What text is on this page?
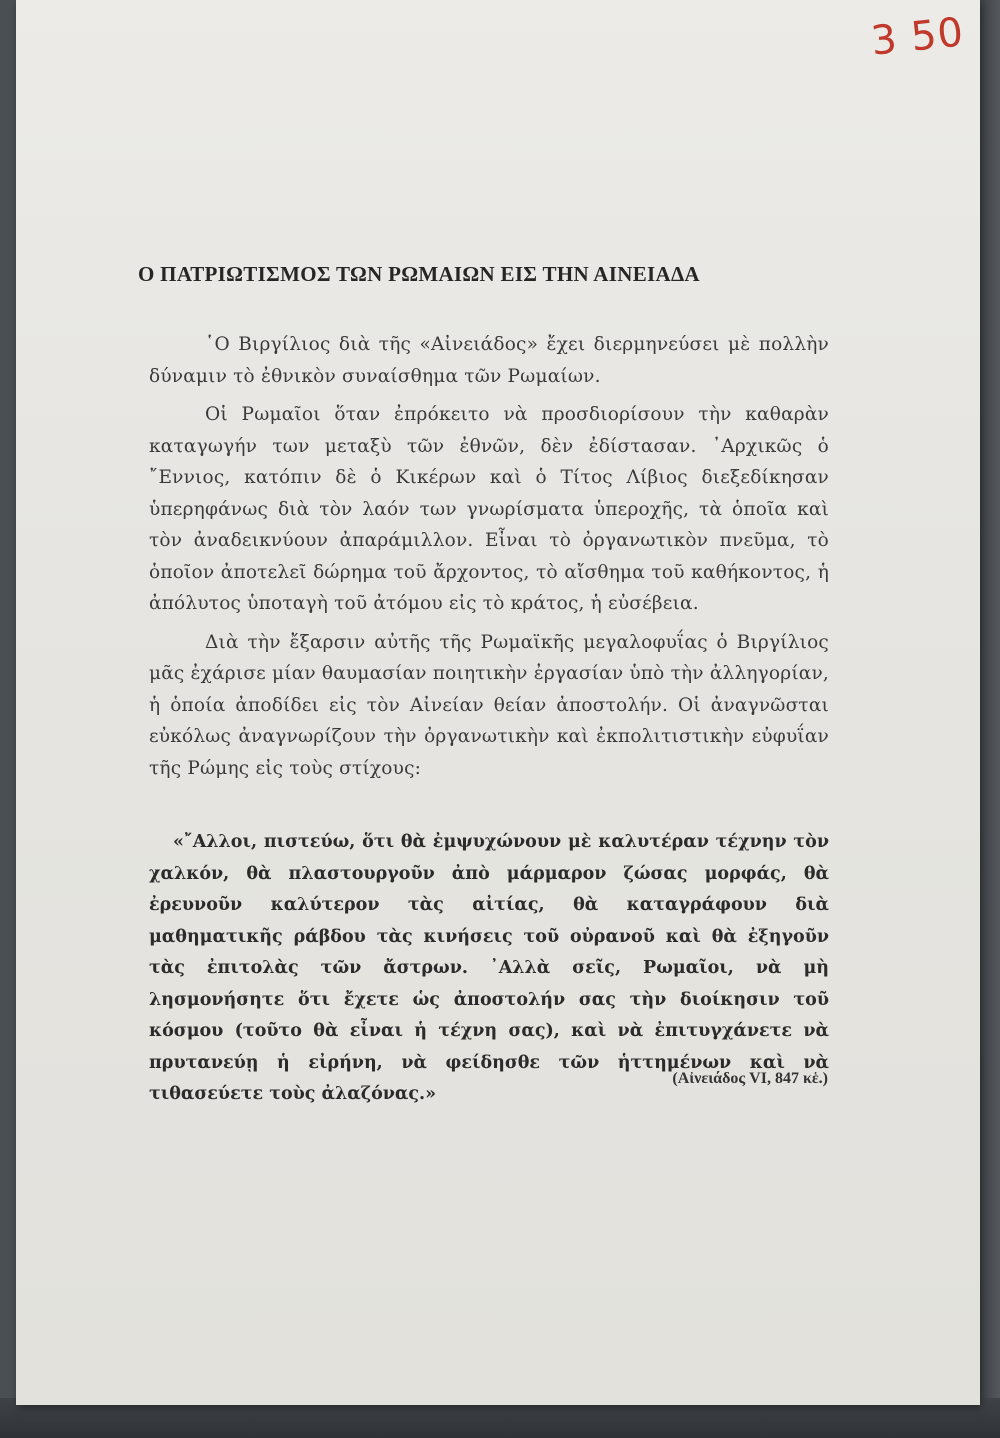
3 50
Ο ΠΑΤΡΙΩΤΙΣΜΟΣ ΤΩΝ ΡΩΜΑΙΩΝ ΕΙΣ ΤΗΝ ΑΙΝΕΙΑΔΑ

῾Ο Βιργίλιος διὰ τῆς «Αἰνειάδος» ἔχει διερμηνεύσει μὲ πολλὴν δύναμιν τὸ ἐθνικὸν συναίσθημα τῶν Ρωμαίων.

Οἱ Ρωμαῖοι ὅταν ἐπρόκειτο νὰ προσδιορίσουν τὴν καθαρὰν καταγωγήν των μεταξὺ τῶν ἐθνῶν, δὲν ἐδίστασαν. ᾿Αρχικῶς ὁ ῎Εννιος, κατόπιν δὲ ὁ Κικέρων καὶ ὁ Τίτος Λίβιος διεξεδίκησαν ὑπερηφάνως διὰ τὸν λαόν των γνωρίσματα ὑπεροχῆς, τὰ ὁποῖα καὶ τὸν ἀναδεικνύουν ἀπαράμιλλον. Εἶναι τὸ ὀργανωτικὸν πνεῦμα, τὸ ὁποῖον ἀποτελεῖ δώρημα τοῦ ἄρχοντος, τὸ αἴσθημα τοῦ καθήκοντος, ἡ ἀπόλυτος ὑποταγὴ τοῦ ἀτόμου εἰς τὸ κράτος, ἡ εὐσέβεια.

Διὰ τὴν ἔξαρσιν αὐτῆς τῆς Ρωμαϊκῆς μεγαλοφυΐας ὁ Βιργίλιος μᾶς ἐχάρισε μίαν θαυμασίαν ποιητικὴν ἐργασίαν ὑπὸ τὴν ἀλληγορίαν, ἡ ὁποία ἀποδίδει εἰς τὸν Αἰνείαν θείαν ἀποστολήν. Οἱ ἀναγνῶσται εὐκόλως ἀναγνωρίζουν τὴν ὀργανωτικὴν καὶ ἐκπολιτιστικὴν εὐφυΐαν τῆς Ρώμης εἰς τοὺς στίχους:

«῎Αλλοι, πιστεύω, ὅτι θὰ ἐμψυχώνουν μὲ καλυτέραν τέχνην τὸν χαλκόν, θὰ πλαστουργοῦν ἀπὸ μάρμαρον ζώσας μορφάς, θὰ ἐρευνοῦν καλύτερον τὰς αἰτίας, θὰ καταγράφουν διὰ μαθηματικῆς ράβδου τὰς κινήσεις τοῦ οὐρανοῦ καὶ θὰ ἐξηγοῦν τὰς ἐπιτολὰς τῶν ἄστρων. ᾿Αλλὰ σεῖς, Ρωμαῖοι, νὰ μὴ λησμονήσητε ὅτι ἔχετε ὡς ἀποστολήν σας τὴν διοίκησιν τοῦ κόσμου (τοῦτο θὰ εἶναι ἡ τέχνη σας), καὶ νὰ ἐπιτυγχάνετε νὰ πρυτανεύῃ ἡ εἰρήνη, νὰ φείδησθε τῶν ἡττημένων καὶ νὰ τιθασεύετε τοὺς ἀλαζόνας.»

(Αἰνειάδος VI, 847 κἑ.)
